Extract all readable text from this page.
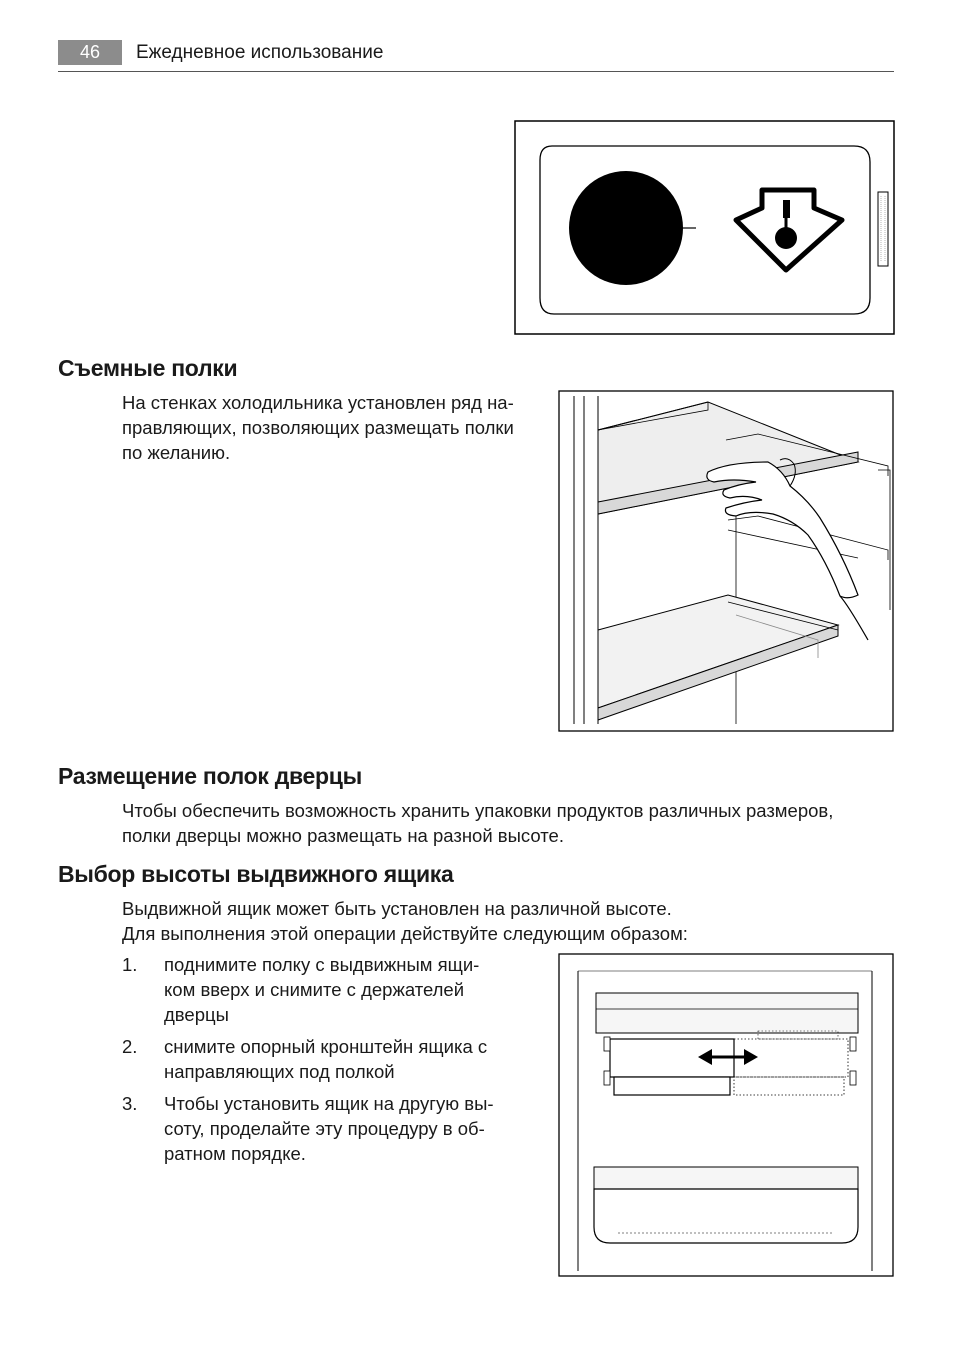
46	Ежедневное использование
Съемные полки

На стенках холодильника установлен ряд на-
правляющих, позволяющих размещать полки
по желанию.

Размещение полок дверцы

Чтобы обеспечить возможность хранить упаковки продуктов различных размеров,
полки дверцы можно размещать на разной высоте.

Выбор высоты выдвижного ящика

Выдвижной ящик может быть установлен на различной высоте.
Для выполнения этой операции действуйте следующим образом:

1. поднимите полку с выдвижным ящи-
ком вверх и снимите с держателей
дверцы
2. снимите опорный кронштейн ящика с
направляющих под полкой
3. Чтобы установить ящик на другую вы-
соту, проделайте эту процедуру в об-
ратном порядке.
